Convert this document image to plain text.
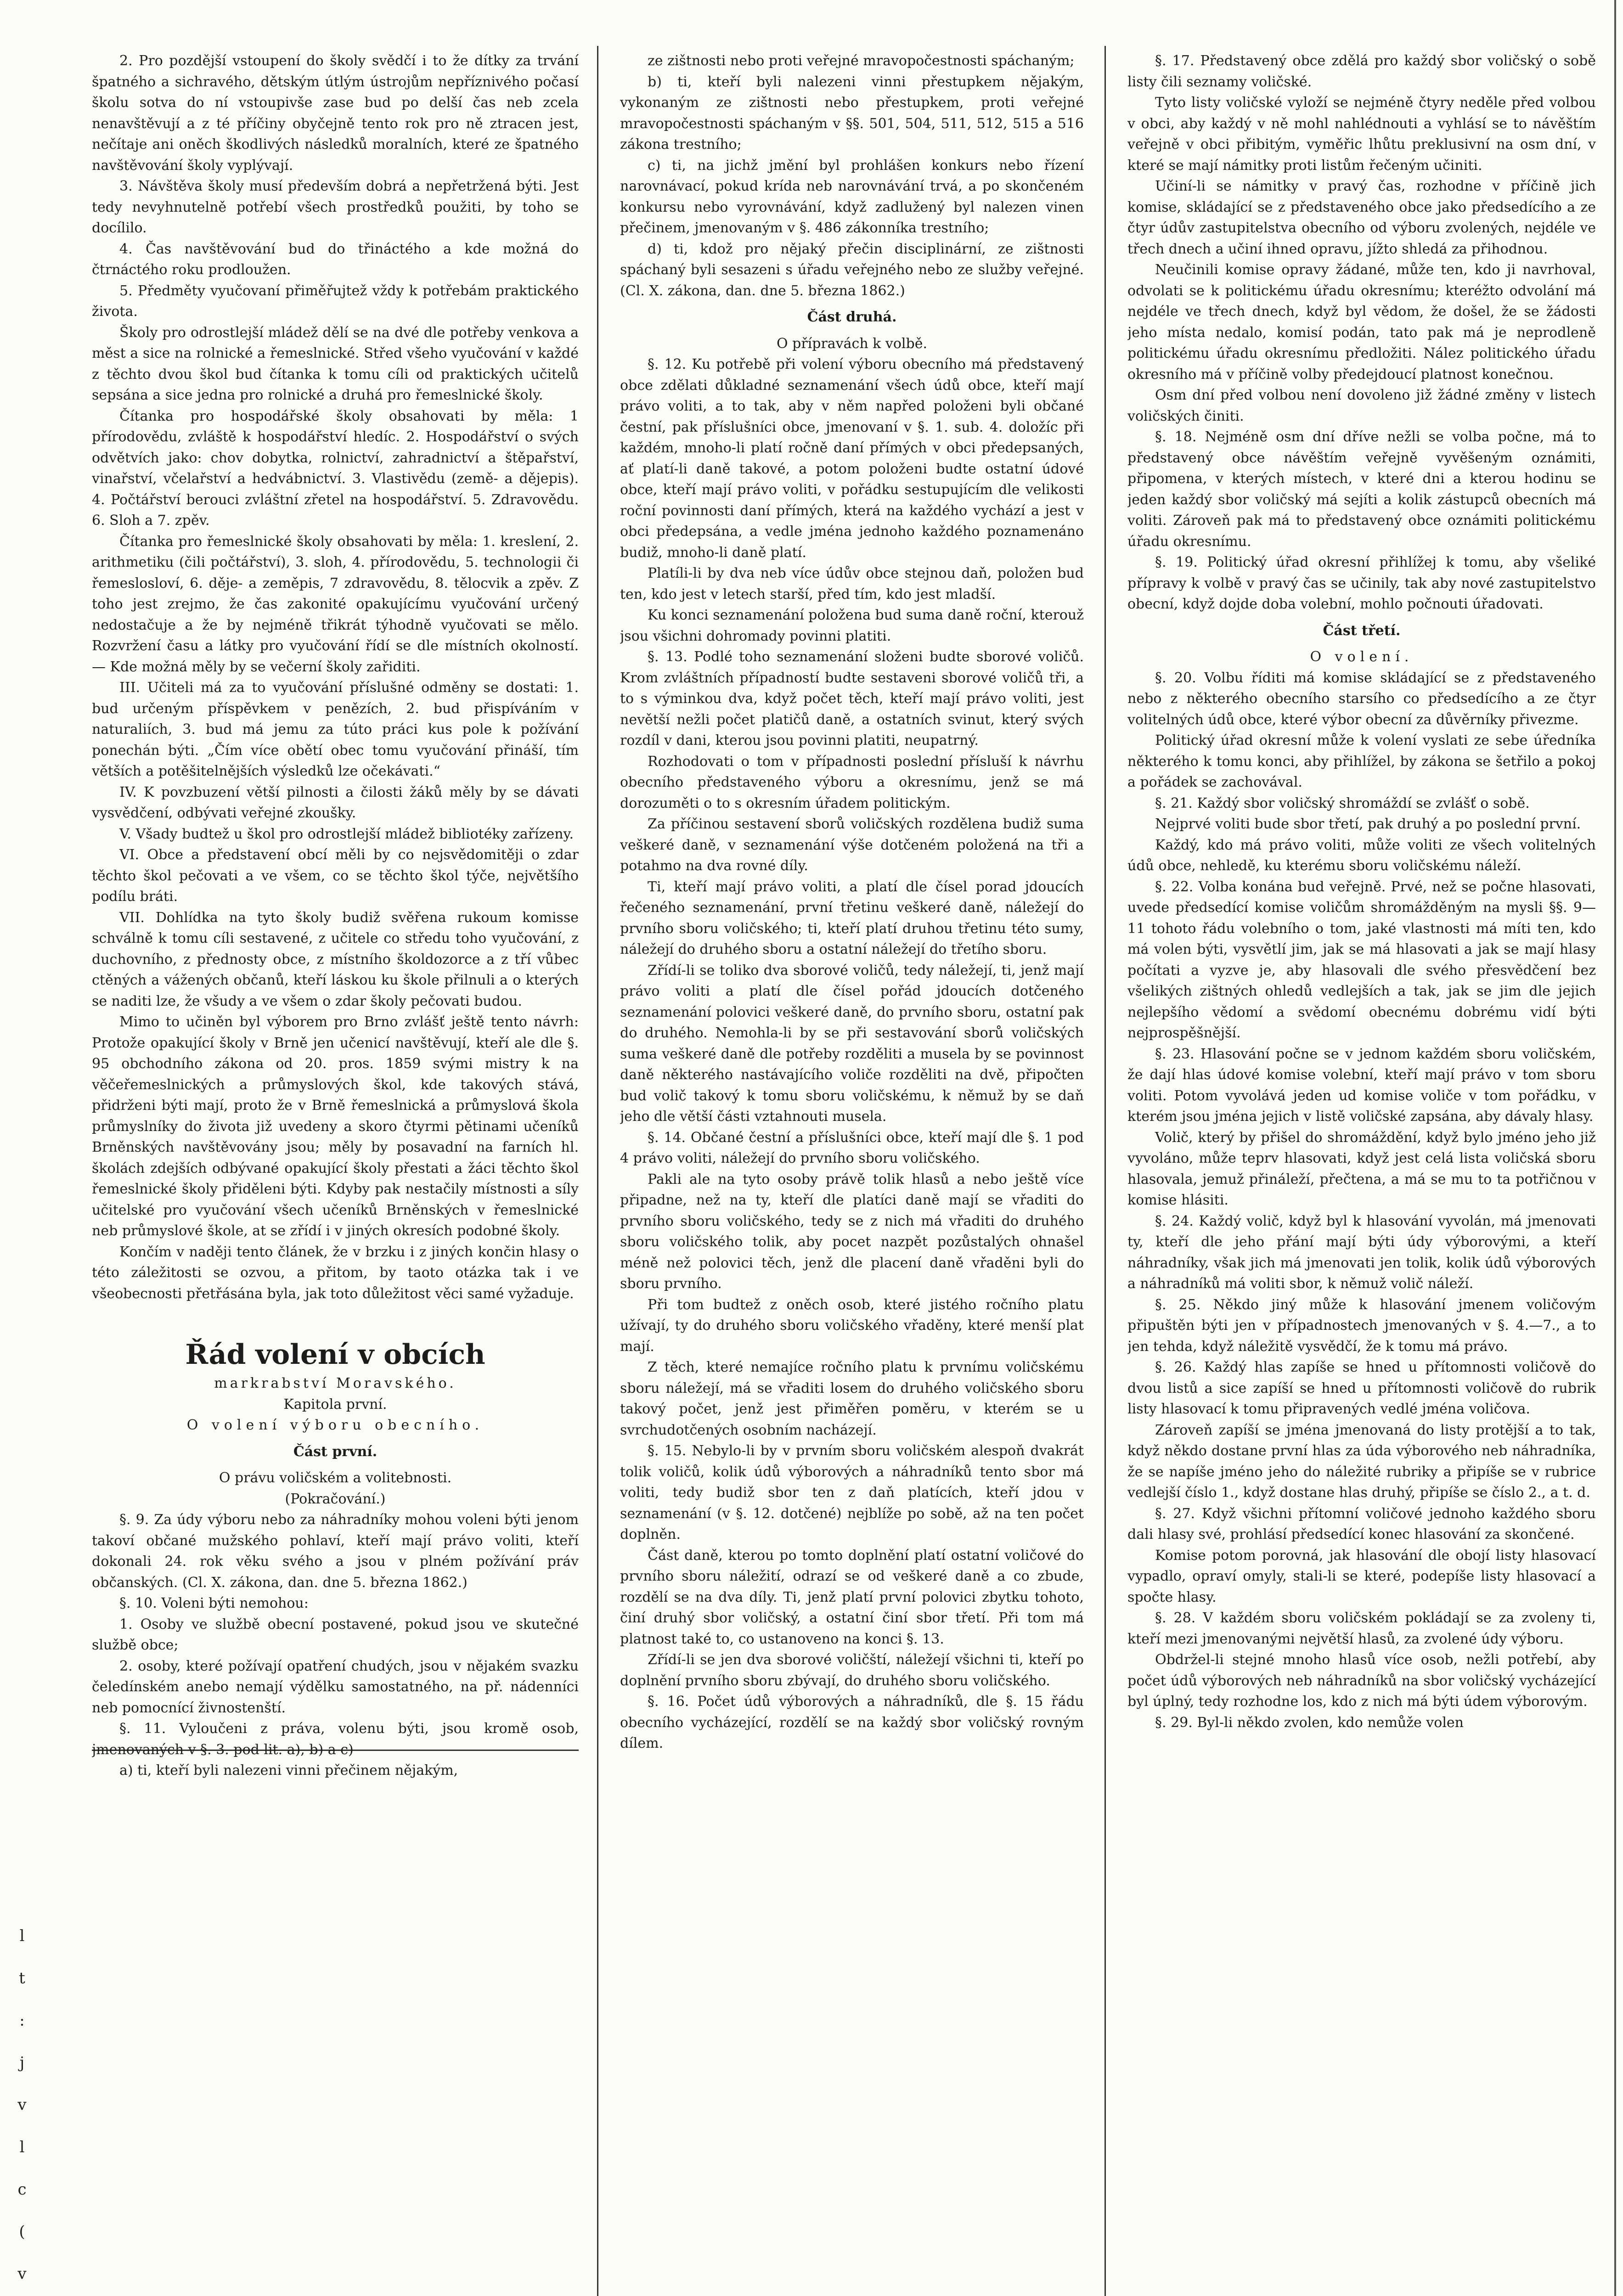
l
t
:
j
v
l
c
(
v

2. Pro pozdější vstoupení do školy svědčí i to že dítky za trvání špatného a sichravého, dětským útlým ústrojům nepříznivého počasí školu sotva do ní vstoupivše zase bud po delší čas neb zcela nenavštěvují a z té příčiny obyčejně tento rok pro ně ztracen jest, nečítaje ani oněch škodlivých následků moralních, které ze špatného navštěvování školy vyplývají.

3. Návštěva školy musí především dobrá a nepřetržená býti. Jest tedy nevyhnutelně potřebí všech prostředků použiti, by toho se docílilo.

4. Čas navštěvování bud do třináctého a kde možná do čtrnáctého roku prodloužen.

5. Předměty vyučovaní přiměřujtež vždy k potřebám praktického života.

Školy pro odrostlejší mládež dělí se na dvé dle potřeby venkova a měst a sice na rolnické a řemeslnické. Střed všeho vyučování v každé z těchto dvou škol bud čítanka k tomu cíli od praktických učitelů sepsána a sice jedna pro rolnické a druhá pro řemeslnické školy.

Čítanka pro hospodářské školy obsahovati by měla: 1 přírodovědu, zvláště k hospodářství hledíc. 2. Hospodářství o svých odvětvích jako: chov dobytka, rolnictví, zahradnictví a štěpařství, vinařství, včelařství a hedvábnictví. 3. Vlastivědu (země- a dějepis). 4. Počtářství berouci zvláštní zřetel na hospodářství. 5. Zdravovědu. 6. Sloh a 7. zpěv.

Čítanka pro řemeslnické školy obsahovati by měla: 1. kreslení, 2. arithmetiku (čili počtářství), 3. sloh, 4. přírodovědu, 5. technologii či řemeslosloví, 6. děje- a zeměpis, 7 zdravovědu, 8. tělocvik a zpěv. Z toho jest zrejmo, že čas zakonité opakujícímu vyučování určený nedostačuje a že by nejméně třikrát týhodně vyučovati se mělo. Rozvržení času a látky pro vyučování řídí se dle místních okolností. — Kde možná měly by se večerní školy zařiditi.

III. Učiteli má za to vyučování příslušné odměny se dostati: 1. bud určeným příspěvkem v penězích, 2. bud přispíváním v naturaliích, 3. bud má jemu za túto práci kus pole k požívání ponechán býti. „Čím více obětí obec tomu vyučování přináší, tím větších a potěšitelnějších výsledků lze očekávati.“

IV. K povzbuzení větší pilnosti a čilosti žáků měly by se dávati vysvědčení, odbývati veřejné zkoušky.

V. Všady budtež u škol pro odrostlejší mládež bibliotéky zařízeny.

VI. Obce a představení obcí měli by co nejsvědomitěji o zdar těchto škol pečovati a ve všem, co se těchto škol týče, největšího podílu bráti.

VII. Dohlídka na tyto školy budiž svěřena rukoum komisse schválně k tomu cíli sestavené, z učitele co středu toho vyučování, z duchovního, z přednosty obce, z místního školdozorce a z tří vůbec ctěných a vážených občanů, kteří láskou ku škole přilnuli a o kterých se naditi lze, že všudy a ve všem o zdar školy pečovati budou.

Mimo to učiněn byl výborem pro Brno zvlášť ještě tento návrh: Protože opakující školy v Brně jen učenicí navštěvují, kteří ale dle §. 95 obchodního zákona od 20. pros. 1859 svými mistry k na věčeřemeslnických a průmyslových škol, kde takových stává, přidrženi býti mají, proto že v Brně řemeslnická a průmyslová škola průmyslníky do života již uvedeny a skoro čtyrmi pětinami učeníků Brněnských navštěvovány jsou; měly by posavadní na farních hl. školách zdejších odbývané opakující školy přestati a žáci těchto škol řemeslnické školy přiděleni býti. Kdyby pak nestačily místnosti a síly učitelské pro vyučování všech učeníků Brněnských v řemeslnické neb průmyslové škole, at se zřídí i v jiných okresích podobné školy.

Končím v naději tento článek, že v brzku i z jiných končin hlasy o této záležitosti se ozvou, a přitom, by taoto otázka tak i ve všeobecnosti přetřásána byla, jak toto důležitost věci samé vyžaduje.

Řád volení v obcích

markrabství Moravského.

Kapitola první.

O volení výboru obecního.

Část první.

O právu voličském a volitebnosti.

(Pokračování.)

§. 9. Za údy výboru nebo za náhradníky mohou voleni býti jenom takoví občané mužského pohlaví, kteří mají právo voliti, kteří dokonali 24. rok věku svého a jsou v plném požívání práv občanských. (Cl. X. zákona, dan. dne 5. března 1862.)

§. 10. Voleni býti nemohou:

1. Osoby ve službě obecní postavené, pokud jsou ve skutečné službě obce;

2. osoby, které požívají opatření chudých, jsou v nějakém svazku čeledínském anebo nemají výdělku samostatného, na př. nádenníci neb pomocnící živnostenští.

§. 11. Vyloučeni z práva, volenu býti, jsou kromě osob, jmenovaných v §. 3. pod lit. a), b) a c)

a) ti, kteří byli nalezeni vinni přečinem nějakým,

ze zištnosti nebo proti veřejné mravopočestnosti spáchaným;

b) ti, kteří byli nalezeni vinni přestupkem nějakým, vykonaným ze zištnosti nebo přestupkem, proti veřejné mravopočestnosti spáchaným v §§. 501, 504, 511, 512, 515 a 516 zákona trestního;

c) ti, na jichž jmění byl prohlášen konkurs nebo řízení narovnávací, pokud krída neb narovnávání trvá, a po skončeném konkursu nebo vyrovnávání, když zadlužený byl nalezen vinen přečinem, jmenovaným v §. 486 zákonníka trestního;

d) ti, kdož pro nějaký přečin disciplinární, ze zištnosti spáchaný byli sesazeni s úřadu veřejného nebo ze služby veřejné. (Cl. X. zákona, dan. dne 5. března 1862.)

Část druhá.

O přípravách k volbě.

§. 12. Ku potřebě při volení výboru obecního má představený obce zdělati důkladné seznamenání všech údů obce, kteří mají právo voliti, a to tak, aby v něm napřed položeni byli občané čestní, pak příslušníci obce, jmenovaní v §. 1. sub. 4. doložíc při každém, mnoho-li platí ročně daní přímých v obci předepsaných, ať platí-li daně takové, a potom položeni budte ostatní údové obce, kteří mají právo voliti, v pořádku sestupujícím dle velikosti roční povinnosti daní přímých, která na každého vychází a jest v obci předepsána, a vedle jména jednoho každého poznamenáno budiž, mnoho-li daně platí.

Platíli-li by dva neb více údův obce stejnou daň, položen bud ten, kdo jest v letech starší, před tím, kdo jest mladší.

Ku konci seznamenání položena bud suma daně roční, kterouž jsou všichni dohromady povinni platiti.

§. 13. Podlé toho seznamenání složeni budte sborové voličů. Krom zvláštních případností budte sestaveni sborové voličů tři, a to s výminkou dva, když počet těch, kteří mají právo voliti, jest nevětší nežli počet platičů daně, a ostatních svinut, který svých rozdíl v dani, kterou jsou povinni platiti, neupatrný.

Rozhodovati o tom v případnosti poslední přísluší k návrhu obecního představeného výboru a okresnímu, jenž se má dorozuměti o to s okresním úřadem politickým.

Za příčinou sestavení sborů voličských rozdělena budiž suma veškeré daně, v seznamenání výše dotčeném položená na tři a potahmo na dva rovné díly.

Ti, kteří mají právo voliti, a platí dle čísel porad jdoucích řečeného seznamenání, první třetinu veškeré daně, náležejí do prvního sboru voličského; ti, kteří platí druhou třetinu této sumy, náležejí do druhého sboru a ostatní náležejí do třetího sboru.

Zřídí-li se toliko dva sborové voličů, tedy náležejí, ti, jenž mají právo voliti a platí dle čísel pořád jdoucích dotčeného seznamenání polovici veškeré daně, do prvního sboru, ostatní pak do druhého. Nemohla-li by se při sestavování sborů voličských suma veškeré daně dle potřeby rozděliti a musela by se povinnost daně některého nastávajícího voliče rozděliti na dvě, připočten bud volič takový k tomu sboru voličskému, k němuž by se daň jeho dle větší části vztahnouti musela.

§. 14. Občané čestní a příslušníci obce, kteří mají dle §. 1 pod 4 právo voliti, náležejí do prvního sboru voličského.

Pakli ale na tyto osoby právě tolik hlasů a nebo ještě více připadne, než na ty, kteří dle platíci daně mají se vřaditi do prvního sboru voličského, tedy se z nich má vřaditi do druhého sboru voličského tolik, aby pocet nazpět pozůstalých ohnašel méně než polovici těch, jenž dle placení daně vřaděni byli do sboru prvního.

Při tom budtež z oněch osob, které jistého ročního platu užívají, ty do druhého sboru voličského vřaděny, které menší plat mají.

Z těch, které nemajíce ročního platu k prvnímu voličskému sboru náležejí, má se vřaditi losem do druhého voličského sboru takový počet, jenž jest přiměřen poměru, v kterém se u svrchudotčených osobním nacházejí.

§. 15. Nebylo-li by v prvním sboru voličském alespoň dvakrát tolik voličů, kolik údů výborových a náhradníků tento sbor má voliti, tedy budiž sbor ten z daň platících, kteří jdou v seznamenání (v §. 12. dotčené) nejblíže po sobě, až na ten počet doplněn.

Část daně, kterou po tomto doplnění platí ostatní voličové do prvního sboru náležití, odrazí se od veškeré daně a co zbude, rozdělí se na dva díly. Ti, jenž platí první polovici zbytku tohoto, činí druhý sbor voličský, a ostatní činí sbor třetí. Při tom má platnost také to, co ustanoveno na konci §. 13.

Zřídí-li se jen dva sborové voličští, náležejí všichni ti, kteří po doplnění prvního sboru zbývají, do druhého sboru voličského.

§. 16. Počet údů výborových a náhradníků, dle §. 15 řádu obecního vycházející, rozdělí se na každý sbor voličský rovným dílem.

§. 17. Představený obce zdělá pro každý sbor voličský o sobě listy čili seznamy voličské.

Tyto listy voličské vyloží se nejméně čtyry neděle před volbou v obci, aby každý v ně mohl nahlédnouti a vyhlásí se to návěštím veřejně v obci přibitým, vyměřic lhůtu preklusivní na osm dní, v které se mají námitky proti listům řečeným učiniti.

Učiní-li se námitky v pravý čas, rozhodne v příčině jich komise, skládající se z představeného obce jako předsedícího a ze čtyr údův zastupitelstva obecního od výboru zvolených, nejdéle ve třech dnech a učiní ihned opravu, jížto shledá za přihodnou.

Neučinili komise opravy žádané, může ten, kdo ji navrhoval, odvolati se k politickému úřadu okresnímu; kteréžto odvolání má nejdéle ve třech dnech, když byl vědom, že došel, že se žádosti jeho místa nedalo, komisí podán, tato pak má je neprodleně politickému úřadu okresnímu předložiti. Nález politického úřadu okresního má v příčině volby předejdoucí platnost konečnou.

Osm dní před volbou není dovoleno již žádné změny v listech voličských činiti.

§. 18. Nejméně osm dní dříve nežli se volba počne, má to představený obce návěštím veřejně vyvěšeným oznámiti, připomena, v kterých místech, v které dni a kterou hodinu se jeden každý sbor voličský má sejíti a kolik zástupců obecních má voliti. Zároveň pak má to představený obce oznámiti politickému úřadu okresnímu.

§. 19. Politický úřad okresní přihlížej k tomu, aby všeliké přípravy k volbě v pravý čas se učinily, tak aby nové zastupitelstvo obecní, když dojde doba volební, mohlo počnouti úřadovati.

Část třetí.

O volení.

§. 20. Volbu říditi má komise skládající se z představeného nebo z některého obecního starsího co předsedícího a ze čtyr volitelných údů obce, které výbor obecní za důvěrníky přivezme.

Politický úřad okresní může k volení vyslati ze sebe úředníka některého k tomu konci, aby přihlížel, by zákona se šetřilo a pokoj a pořádek se zachovával.

§. 21. Každý sbor voličský shromáždí se zvlášť o sobě.

Nejprvé voliti bude sbor třetí, pak druhý a po poslední první.

Každý, kdo má právo voliti, může voliti ze všech volitelných údů obce, nehledě, ku kterému sboru voličskému náleží.

§. 22. Volba konána bud veřejně. Prvé, než se počne hlasovati, uvede předsedící komise voličům shromážděným na mysli §§. 9—11 tohoto řádu volebního o tom, jaké vlastnosti má míti ten, kdo má volen býti, vysvětlí jim, jak se má hlasovati a jak se mají hlasy počítati a vyzve je, aby hlasovali dle svého přesvědčení bez všelikých zištných ohledů vedlejších a tak, jak se jim dle jejich nejlepšího vědomí a svědomí obecnému dobrému vidí býti nejprospěšnější.

§. 23. Hlasování počne se v jednom každém sboru voličském, že dají hlas údové komise volební, kteří mají právo v tom sboru voliti. Potom vyvolává jeden ud komise voliče v tom pořádku, v kterém jsou jména jejich v listě voličské zapsána, aby dávaly hlasy.

Volič, který by přišel do shromáždění, když bylo jméno jeho již vyvoláno, může teprv hlasovati, když jest celá lista voličská sboru hlasovala, jemuž přináleží, přečtena, a má se mu to ta potřičnou v komise hlásiti.

§. 24. Každý volič, když byl k hlasování vyvolán, má jmenovati ty, kteří dle jeho přání mají býti údy výborovými, a kteří náhradníky, však jich má jmenovati jen tolik, kolik údů výborových a náhradníků má voliti sbor, k němuž volič náleží.

§. 25. Někdo jiný může k hlasování jmenem voličovým připuštěn býti jen v případnostech jmenovaných v §. 4.—7., a to jen tehda, když náležitě vysvědčí, že k tomu má právo.

§. 26. Každý hlas zapíše se hned u přítomnosti voličově do dvou listů a sice zapíší se hned u přítomnosti voličově do rubrik listy hlasovací k tomu připravených vedlé jména voličova.

Zároveň zapíší se jména jmenovaná do listy protější a to tak, když někdo dostane první hlas za úda výborového neb náhradníka, že se napíše jméno jeho do náležité rubriky a připíše se v rubrice vedlejší číslo 1., když dostane hlas druhý, připíše se číslo 2., a t. d.

§. 27. Když všichni přítomní voličové jednoho každého sboru dali hlasy své, prohlásí předsedící konec hlasování za skončené.

Komise potom porovná, jak hlasování dle obojí listy hlasovací vypadlo, opraví omyly, stali-li se které, podepíše listy hlasovací a spočte hlasy.

§. 28. V každém sboru voličském pokládají se za zvoleny ti, kteří mezi jmenovanými největší hlasů, za zvolené údy výboru.

Obdržel-li stejné mnoho hlasů více osob, nežli potřebí, aby počet údů výborových neb náhradníků na sbor voličský vycházející byl úplný, tedy rozhodne los, kdo z nich má býti údem výborovým.

§. 29. Byl-li někdo zvolen, kdo nemůže volen
